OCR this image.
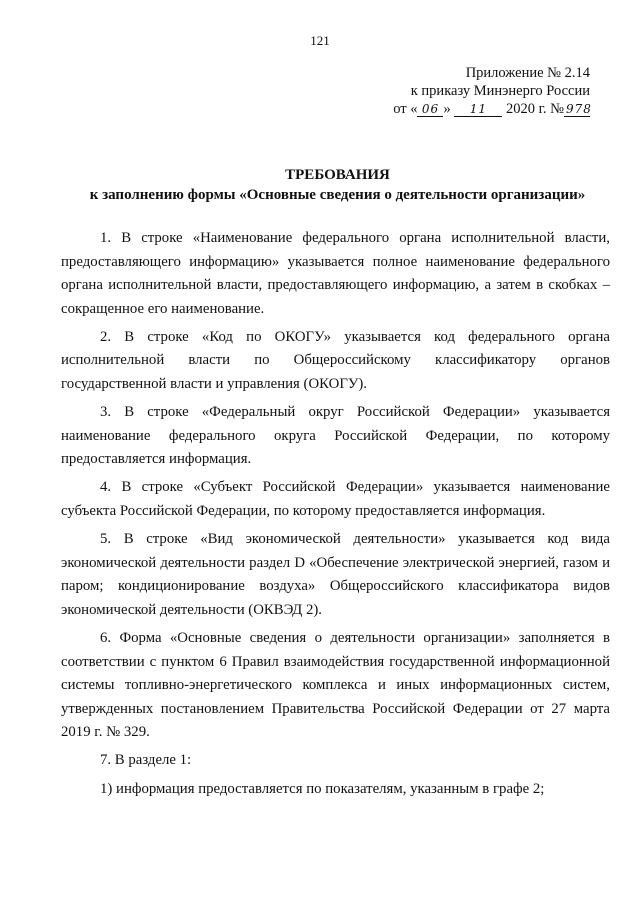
121
Приложение № 2.14
к приказу Минэнерго России
от « 06 » 11 2020 г. № 978
ТРЕБОВАНИЯ
к заполнению формы «Основные сведения о деятельности организации»

1. В строке «Наименование федерального органа исполнительной власти, предоставляющего информацию» указывается полное наименование федерального органа исполнительной власти, предоставляющего информацию, а затем в скобках – сокращенное его наименование.

2. В строке «Код по ОКОГУ» указывается код федерального органа исполнительной власти по Общероссийскому классификатору органов государственной власти и управления (ОКОГУ).

3. В строке «Федеральный округ Российской Федерации» указывается наименование федерального округа Российской Федерации, по которому предоставляется информация.

4. В строке «Субъект Российской Федерации» указывается наименование субъекта Российской Федерации, по которому предоставляется информация.

5. В строке «Вид экономической деятельности» указывается код вида экономической деятельности раздел D «Обеспечение электрической энергией, газом и паром; кондиционирование воздуха» Общероссийского классификатора видов экономической деятельности (ОКВЭД 2).

6. Форма «Основные сведения о деятельности организации» заполняется в соответствии с пунктом 6 Правил взаимодействия государственной информационной системы топливно-энергетического комплекса и иных информационных систем, утвержденных постановлением Правительства Российской Федерации от 27 марта 2019 г. № 329.

7. В разделе 1:

1) информация предоставляется по показателям, указанным в графе 2;
